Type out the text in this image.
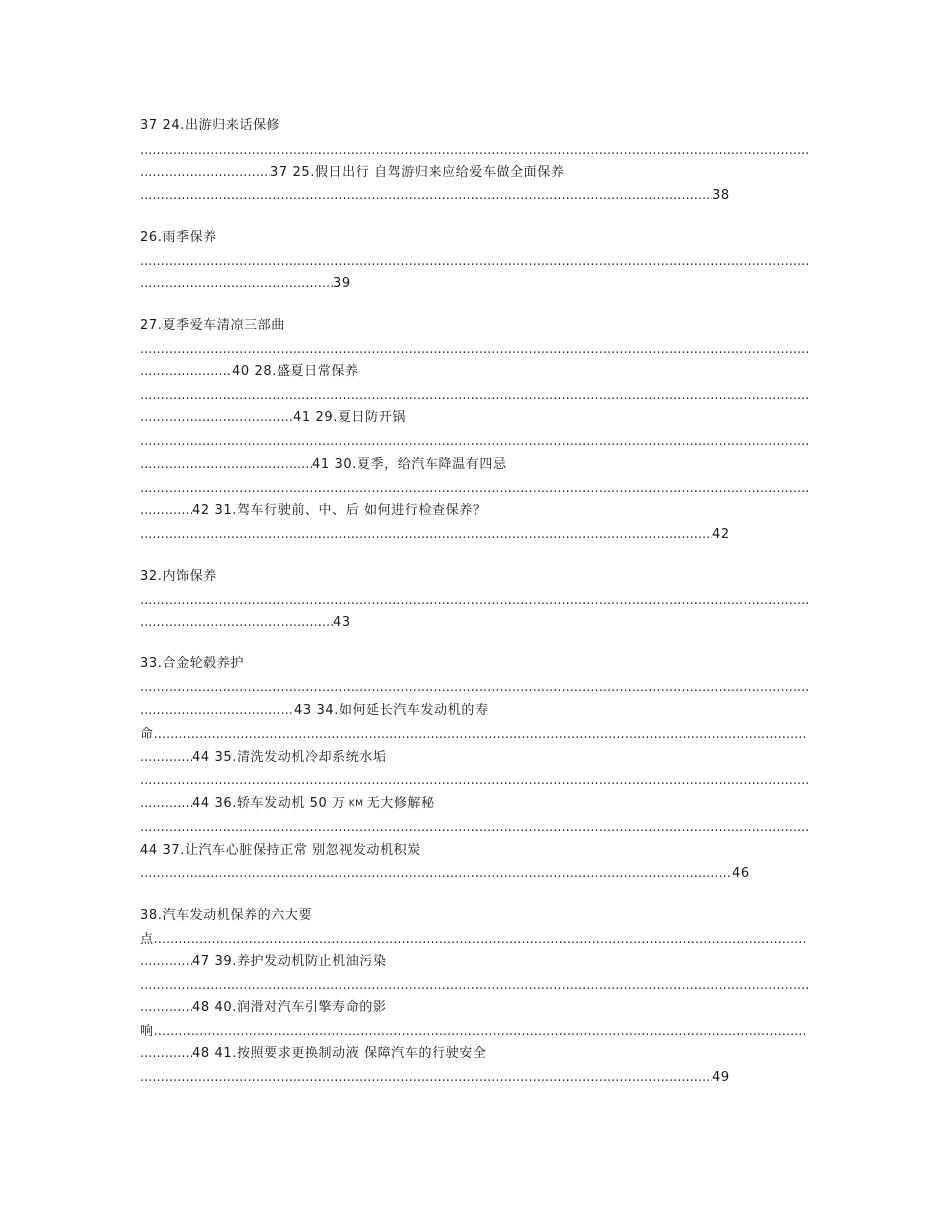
37 24.出游归来话保修
.....
.....37 25.假日出行 自驾游归来应给爱车做全面保养
.....38
26.雨季保养
.....
.....39
27.夏季爱车清凉三部曲
.....
.....40 28.盛夏日常保养
.....
.....41 29.夏日防开锅
.....
.....41 30.夏季，给汽车降温有四忌
.....
.....42 31.驾车行驶前、中、后 如何进行检查保养？
.....42
32.内饰保养
.....
.....43
33.合金轮毂养护
.....
.....43 34.如何延长汽车发动机的寿
命.....
.....44 35.清洗发动机冷却系统水垢
.....
.....44 36.轿车发动机 50 万 $^{KM}$ 无大修解秘
.....
44 37.让汽车心脏保持正常 别忽视发动机积炭
.....46
38.汽车发动机保养的六大要
点.....
.....47 39.养护发动机防止机油污染
.....
.....48 40.润滑对汽车引擎寿命的影
响.....
.....48 41.按照要求更换制动液 保障汽车的行驶安全
.....49
